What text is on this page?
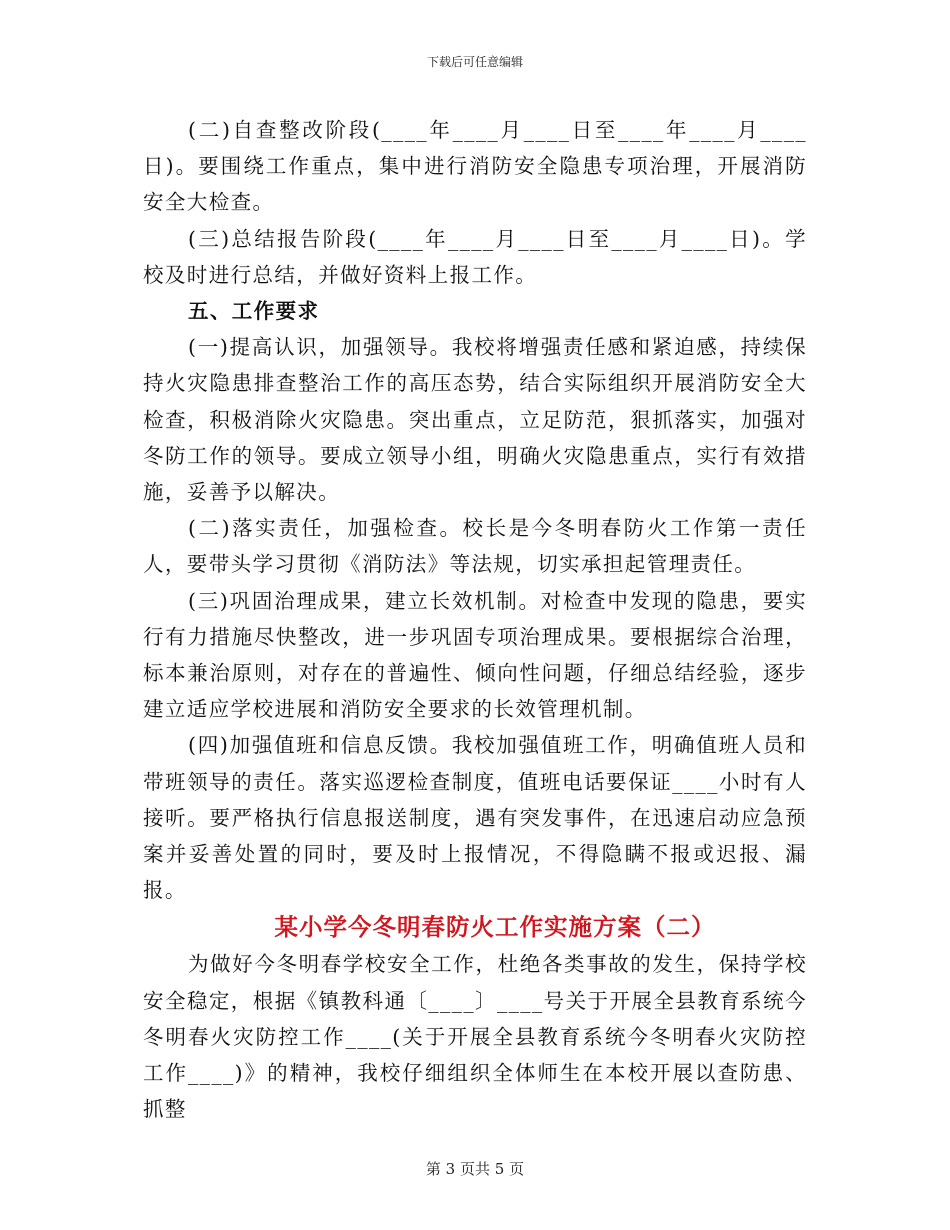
下载后可任意编辑

(二)自查整改阶段(____年____月____日至____年____月____日)。要围绕工作重点，集中进行消防安全隐患专项治理，开展消防安全大检查。

(三)总结报告阶段(____年____月____日至____月____日)。学校及时进行总结，并做好资料上报工作。

五、工作要求

(一)提高认识，加强领导。我校将增强责任感和紧迫感，持续保持火灾隐患排查整治工作的高压态势，结合实际组织开展消防安全大检查，积极消除火灾隐患。突出重点，立足防范，狠抓落实，加强对冬防工作的领导。要成立领导小组，明确火灾隐患重点，实行有效措施，妥善予以解决。

(二)落实责任，加强检查。校长是今冬明春防火工作第一责任人，要带头学习贯彻《消防法》等法规，切实承担起管理责任。

(三)巩固治理成果，建立长效机制。对检查中发现的隐患，要实行有力措施尽快整改，进一步巩固专项治理成果。要根据综合治理，标本兼治原则，对存在的普遍性、倾向性问题，仔细总结经验，逐步建立适应学校进展和消防安全要求的长效管理机制。

(四)加强值班和信息反馈。我校加强值班工作，明确值班人员和带班领导的责任。落实巡逻检查制度，值班电话要保证____小时有人接听。要严格执行信息报送制度，遇有突发事件，在迅速启动应急预案并妥善处置的同时，要及时上报情况，不得隐瞒不报或迟报、漏报。

某小学今冬明春防火工作实施方案（二）

为做好今冬明春学校安全工作，杜绝各类事故的发生，保持学校安全稳定，根据《镇教科通〔____〕____号关于开展全县教育系统今冬明春火灾防控工作____(关于开展全县教育系统今冬明春火灾防控工作____)》的精神，我校仔细组织全体师生在本校开展以查防患、抓整

第 3 页共 5 页
